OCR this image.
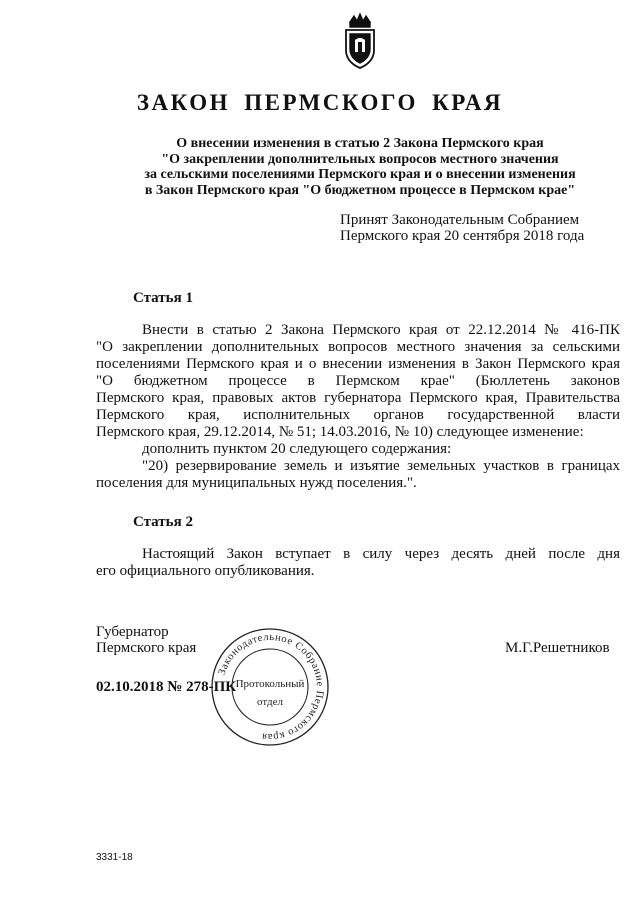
ЗАКОН ПЕРМСКОГО КРАЯ
О внесении изменения в статью 2 Закона Пермского края
"О закреплении дополнительных вопросов местного значения
за сельскими поселениями Пермского края и о внесении изменения
в Закон Пермского края "О бюджетном процессе в Пермском крае"
Принят Законодательным Собранием
Пермского края 20 сентября 2018 года
Статья 1
Внести в статью 2 Закона Пермского края от 22.12.2014 № 416-ПК
"О закреплении дополнительных вопросов местного значения за сельскими
поселениями Пермского края и о внесении изменения в Закон Пермского края
"О бюджетном процессе в Пермском крае" (Бюллетень законов
Пермского края, правовых актов губернатора Пермского края, Правительства
Пермского края, исполнительных органов государственной власти
Пермского края, 29.12.2014, № 51; 14.03.2016, № 10) следующее изменение:
дополнить пунктом 20 следующего содержания:
"20) резервирование земель и изъятие земельных участков в границах
поселения для муниципальных нужд поселения.".
Статья 2
Настоящий Закон вступает в силу через десять дней после дня
его официального опубликования.
Губернатор
Пермского края	М.Г.Решетников
02.10.2018 № 278-ПК
Законодательное Собрание Пермского края
Протокольный
отдел
3331-18
